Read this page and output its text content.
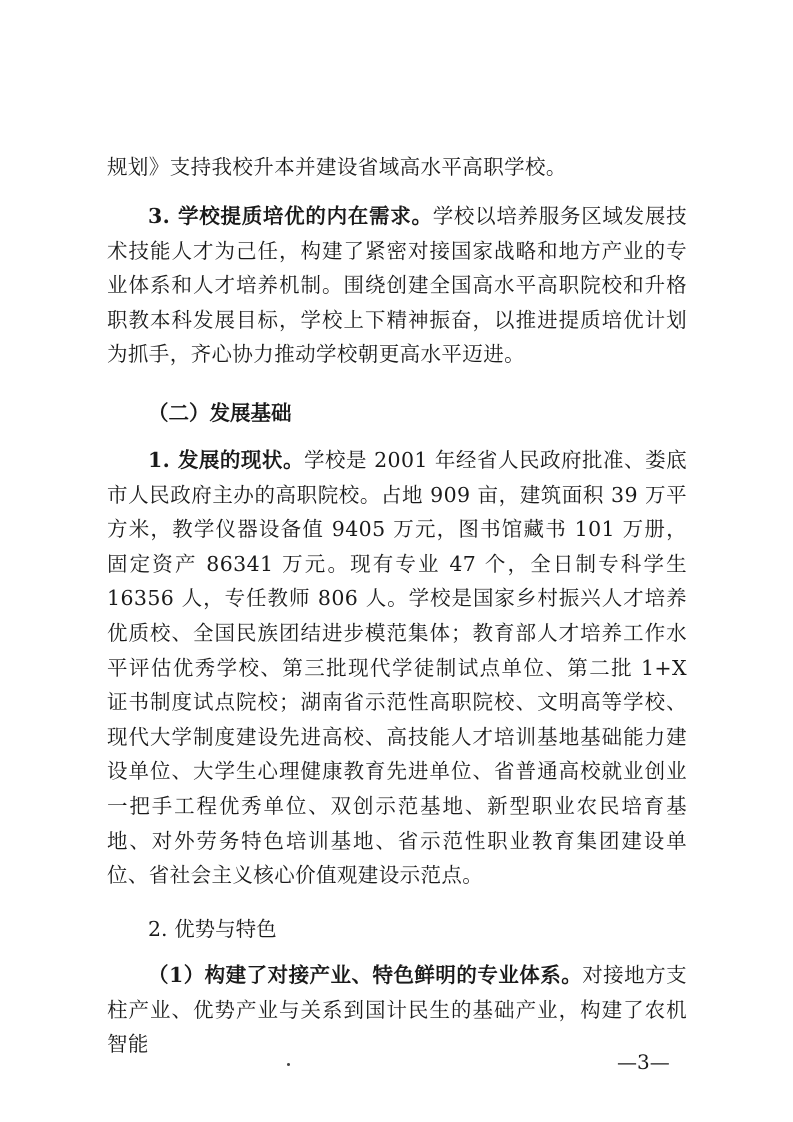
规划》支持我校升本并建设省域高水平高职学校。

3. 学校提质培优的内在需求。学校以培养服务区域发展技术技能人才为己任，构建了紧密对接国家战略和地方产业的专业体系和人才培养机制。围绕创建全国高水平高职院校和升格职教本科发展目标，学校上下精神振奋，以推进提质培优计划为抓手，齐心协力推动学校朝更高水平迈进。

（二）发展基础

1. 发展的现状。学校是 2001 年经省人民政府批准、娄底市人民政府主办的高职院校。占地 909 亩，建筑面积 39 万平方米，教学仪器设备值 9405 万元，图书馆藏书 101 万册，固定资产 86341 万元。现有专业 47 个，全日制专科学生 16356 人，专任教师 806 人。学校是国家乡村振兴人才培养优质校、全国民族团结进步模范集体；教育部人才培养工作水平评估优秀学校、第三批现代学徒制试点单位、第二批 1+X 证书制度试点院校；湖南省示范性高职院校、文明高等学校、现代大学制度建设先进高校、高技能人才培训基地基础能力建设单位、大学生心理健康教育先进单位、省普通高校就业创业一把手工程优秀单位、双创示范基地、新型职业农民培育基地、对外劳务特色培训基地、省示范性职业教育集团建设单位、省社会主义核心价值观建设示范点。

2. 优势与特色

（1）构建了对接产业、特色鲜明的专业体系。对接地方支柱产业、优势产业与关系到国计民生的基础产业，构建了农机智能

—3—
